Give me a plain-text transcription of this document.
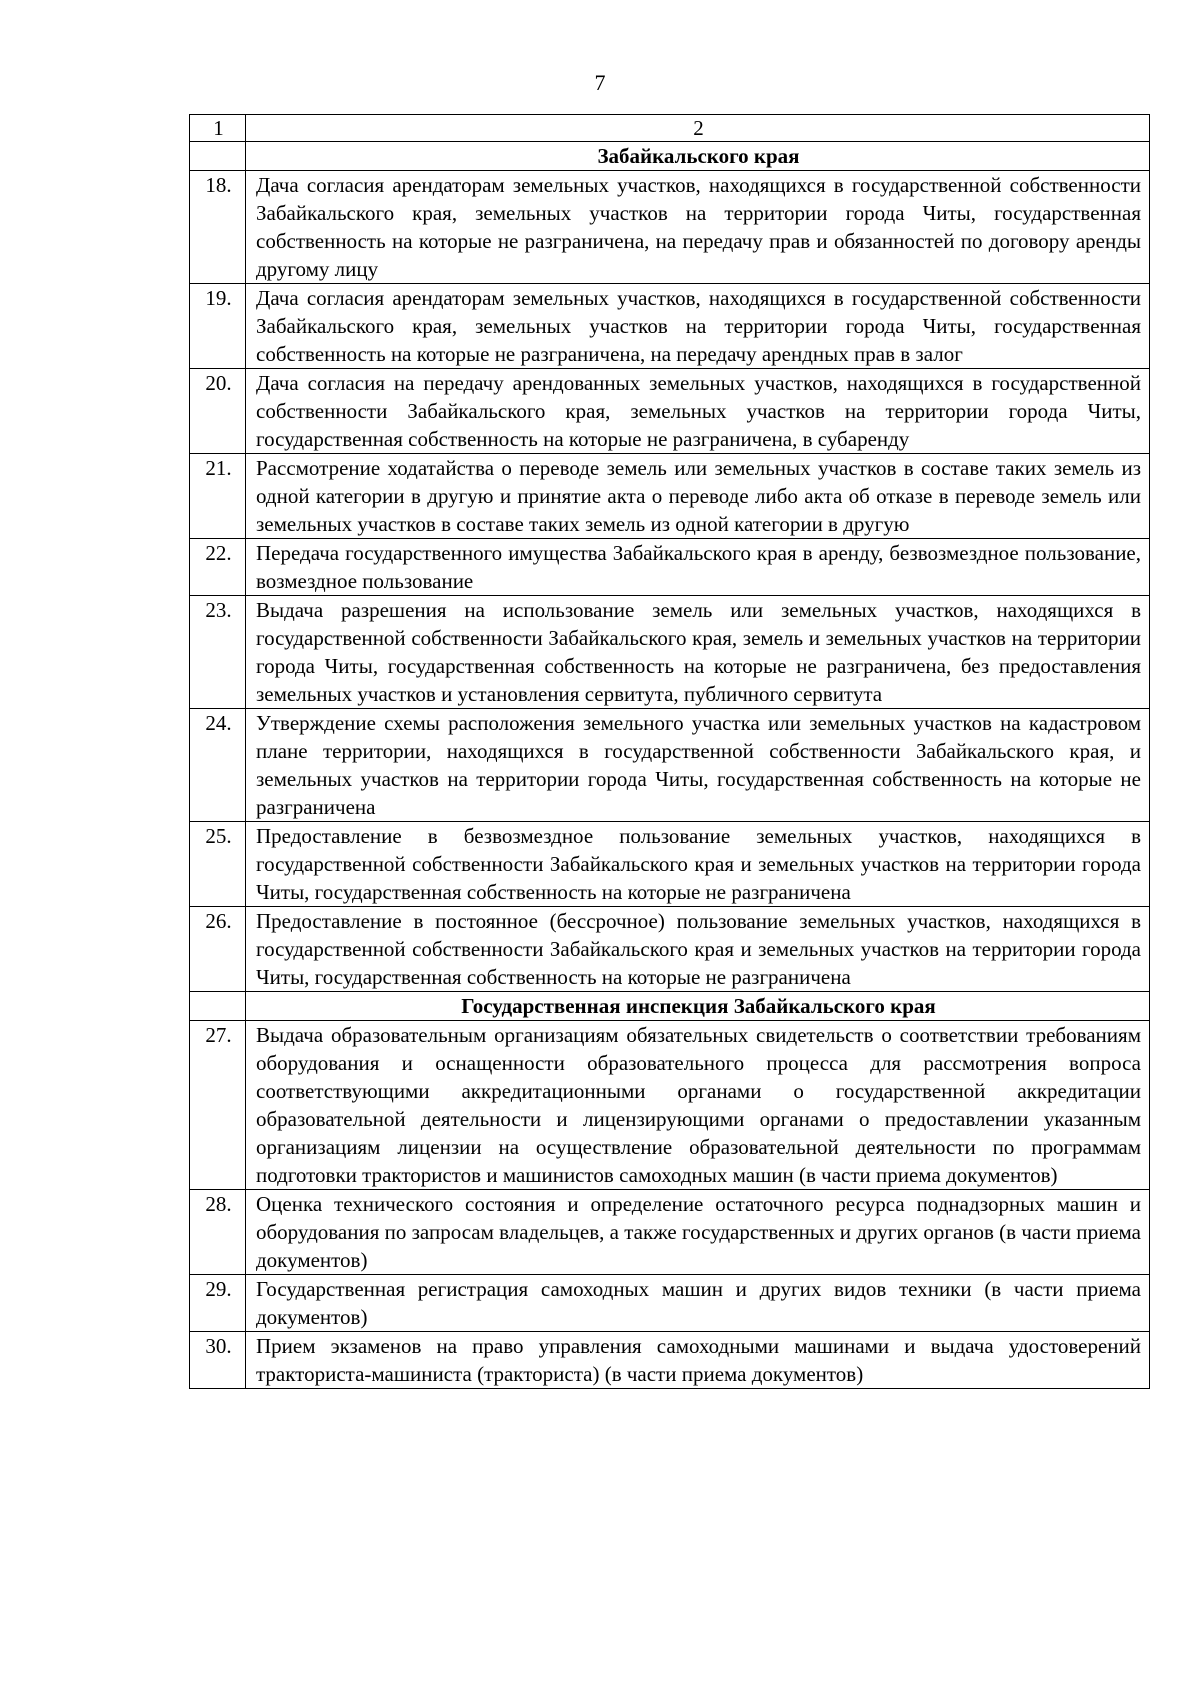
7
1	2
	Забайкальского края
18.	Дача согласия арендаторам земельных участков, находящихся в государственной собственности Забайкальского края, земельных участков на территории города Читы, государственная собственность на которые не разграничена, на передачу прав и обязанностей по договору аренды другому лицу
19.	Дача согласия арендаторам земельных участков, находящихся в государственной собственности Забайкальского края, земельных участков на территории города Читы, государственная собственность на которые не разграничена, на передачу арендных прав в залог
20.	Дача согласия на передачу арендованных земельных участков, находящихся в государственной собственности Забайкальского края, земельных участков на территории города Читы, государственная собственность на которые не разграничена, в субаренду
21.	Рассмотрение ходатайства о переводе земель или земельных участков в составе таких земель из одной категории в другую и принятие акта о переводе либо акта об отказе в переводе земель или земельных участков в составе таких земель из одной категории в другую
22.	Передача государственного имущества Забайкальского края в аренду, безвозмездное пользование, возмездное пользование
23.	Выдача разрешения на использование земель или земельных участков, находящихся в государственной собственности Забайкальского края, земель и земельных участков на территории города Читы, государственная собственность на которые не разграничена, без предоставления земельных участков и установления сервитута, публичного сервитута
24.	Утверждение схемы расположения земельного участка или земельных участков на кадастровом плане территории, находящихся в государственной собственности Забайкальского края, и земельных участков на территории города Читы, государственная собственность на которые не разграничена
25.	Предоставление в безвозмездное пользование земельных участков, находящихся в государственной собственности Забайкальского края и земельных участков на территории города Читы, государственная собственность на которые не разграничена
26.	Предоставление в постоянное (бессрочное) пользование земельных участков, находящихся в государственной собственности Забайкальского края и земельных участков на территории города Читы, государственная собственность на которые не разграничена
	Государственная инспекция Забайкальского края
27.	Выдача образовательным организациям обязательных свидетельств о соответствии требованиям оборудования и оснащенности образовательного процесса для рассмотрения вопроса соответствующими аккредитационными органами о государственной аккредитации образовательной деятельности и лицензирующими органами о предоставлении указанным организациям лицензии на осуществление образовательной деятельности по программам подготовки трактористов и машинистов самоходных машин (в части приема документов)
28.	Оценка технического состояния и определение остаточного ресурса поднадзорных машин и оборудования по запросам владельцев, а также государственных и других органов (в части приема документов)
29.	Государственная регистрация самоходных машин и других видов техники (в части приема документов)
30.	Прием экзаменов на право управления самоходными машинами и выдача удостоверений тракториста-машиниста (тракториста) (в части приема документов)
